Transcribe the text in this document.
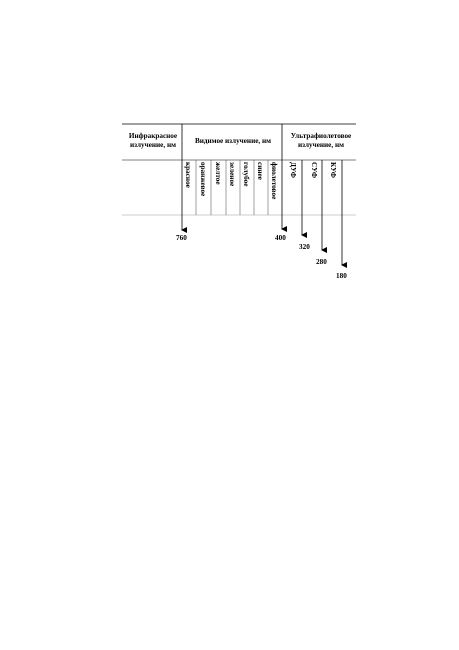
Инфракрасное
излучение, нм	Видимое излучение, нм
Ультрафиолетовое
излучение, нм
красное оранжевое желтое зеленое голубое синее фиолетовое ДУФ СУФ КУФ
760	400
320
280
180
